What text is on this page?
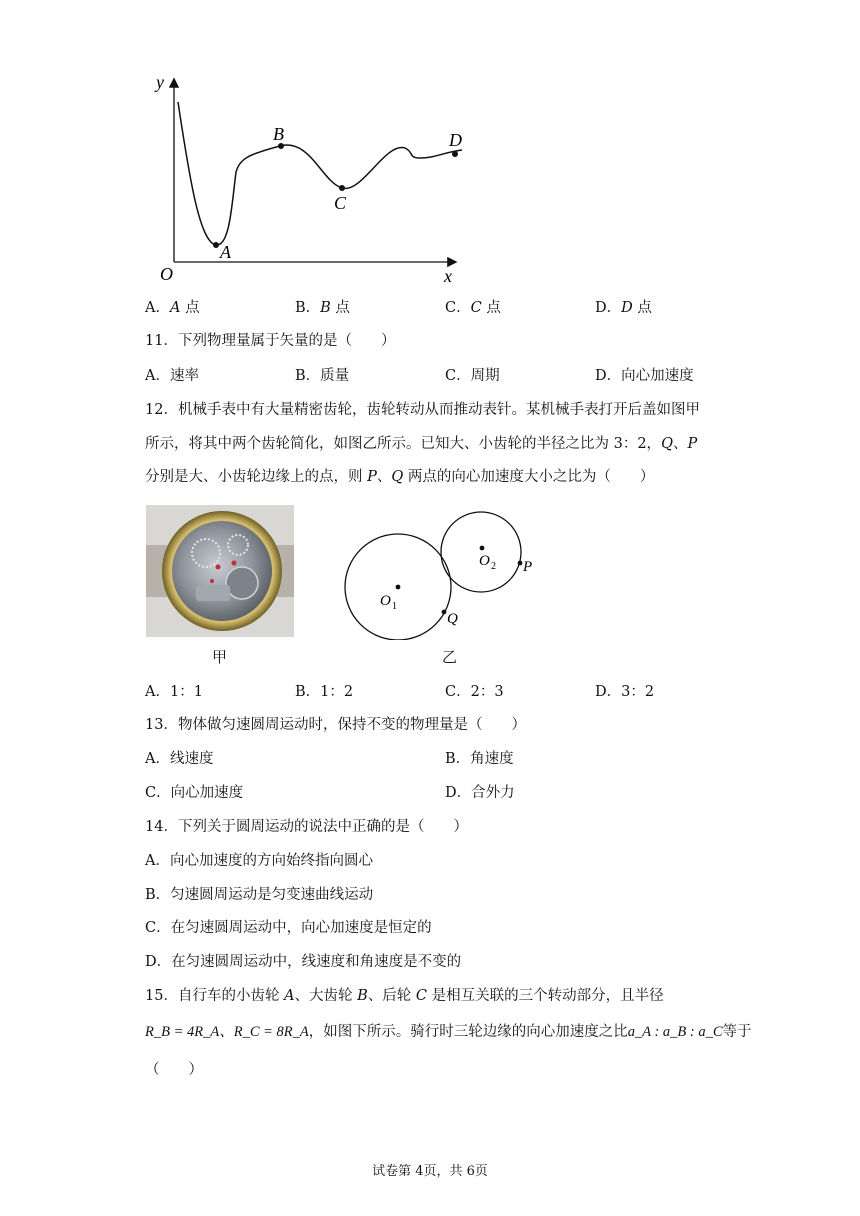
y
x
O
A
B
C
D
A．A 点	B．B 点	C．C 点	D．D 点
11．下列物理量属于矢量的是（　　）
A．速率	B．质量	C．周期	D．向心加速度
12．机械手表中有大量精密齿轮，齿轮转动从而推动表针。某机械手表打开后盖如图甲
所示，将其中两个齿轮简化，如图乙所示。已知大、小齿轮的半径之比为 3：2，Q、P
分别是大、小齿轮边缘上的点，则 P、Q 两点的向心加速度大小之比为（　　）
甲
O 1
O 2 P
Q
乙
A．1：1	B．1：2	C．2：3	D．3：2
13．物体做匀速圆周运动时，保持不变的物理量是（　　）
A．线速度	B．角速度
C．向心加速度	D．合外力
14．下列关于圆周运动的说法中正确的是（　　）
A．向心加速度的方向始终指向圆心
B．匀速圆周运动是匀变速曲线运动
C．在匀速圆周运动中，向心加速度是恒定的
D．在匀速圆周运动中，线速度和角速度是不变的
15．自行车的小齿轮 A、大齿轮 B、后轮 C 是相互关联的三个转动部分，且半径
R_B = 4R_A、R_C = 8R_A，如图下所示。骑行时三轮边缘的向心加速度之比a_A : a_B : a_C等于
（　　）
试卷第 4页，共 6页
